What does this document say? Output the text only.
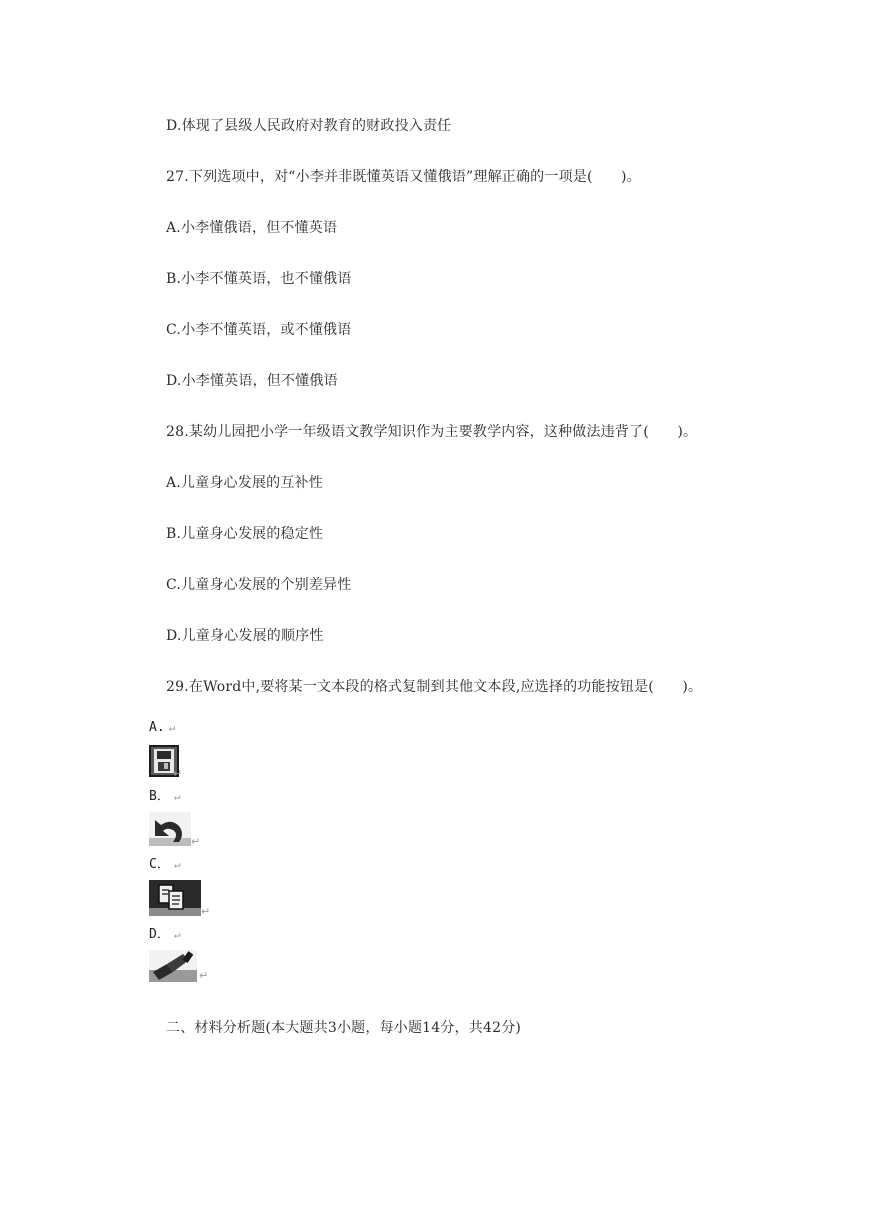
D.体现了县级人民政府对教育的财政投入责任
27.下列选项中，对“小李并非既懂英语又懂俄语”理解正确的一项是(　　)。
A.小李懂俄语，但不懂英语
B.小李不懂英语，也不懂俄语
C.小李不懂英语，或不懂俄语
D.小李懂英语，但不懂俄语
28.某幼儿园把小学一年级语文教学知识作为主要教学内容，这种做法违背了(　　)。
A.儿童身心发展的互补性
B.儿童身心发展的稳定性
C.儿童身心发展的个别差异性
D.儿童身心发展的顺序性
29.在Word中,要将某一文本段的格式复制到其他文本段,应选择的功能按钮是(　　)。
A. ↵
↵
B． ↵
↵
C． ↵
↵
D． ↵
↵
二、材料分析题(本大题共3小题，每小题14分，共42分)
